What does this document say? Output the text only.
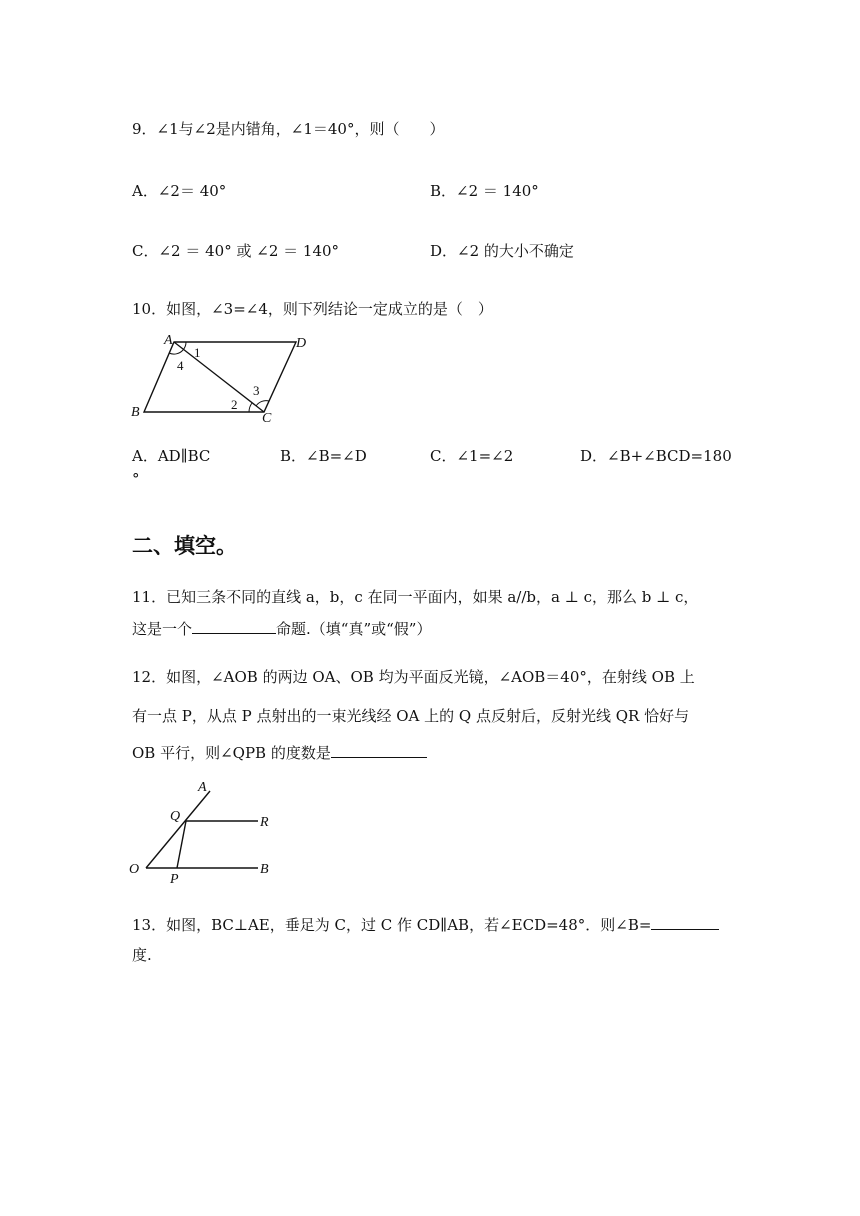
9．∠1与∠2是内错角，∠1＝40°，则（　　）
A．∠2＝ 40°	B．∠2 ＝ 140°
C．∠2 ＝ 40° 或 ∠2 ＝ 140°	D．∠2 的大小不确定
10．如图，∠3=∠4，则下列结论一定成立的是（　）
A
B	C
D
1
2
3
4
A．AD∥BC	B．∠B=∠D	C．∠1=∠2	D．∠B+∠BCD=180
°
二、填空。
11．已知三条不同的直线 a，b，c 在同一平面内，如果 a//b，a ⊥ c，那么 b ⊥ c，
这是一个	命题.（填“真”或“假”）
12．如图，∠AOB 的两边 OA、OB 均为平面反光镜，∠AOB＝40°，在射线 OB 上
有一点 P，从点 P 点射出的一束光线经 OA 上的 Q 点反射后，反射光线 QR 恰好与
OB 平行，则∠QPB 的度数是
A
Q	R
O
P
B
13．如图，BC⊥AE，垂足为 C，过 C 作 CD∥AB，若∠ECD=48°．则∠B=
度.
